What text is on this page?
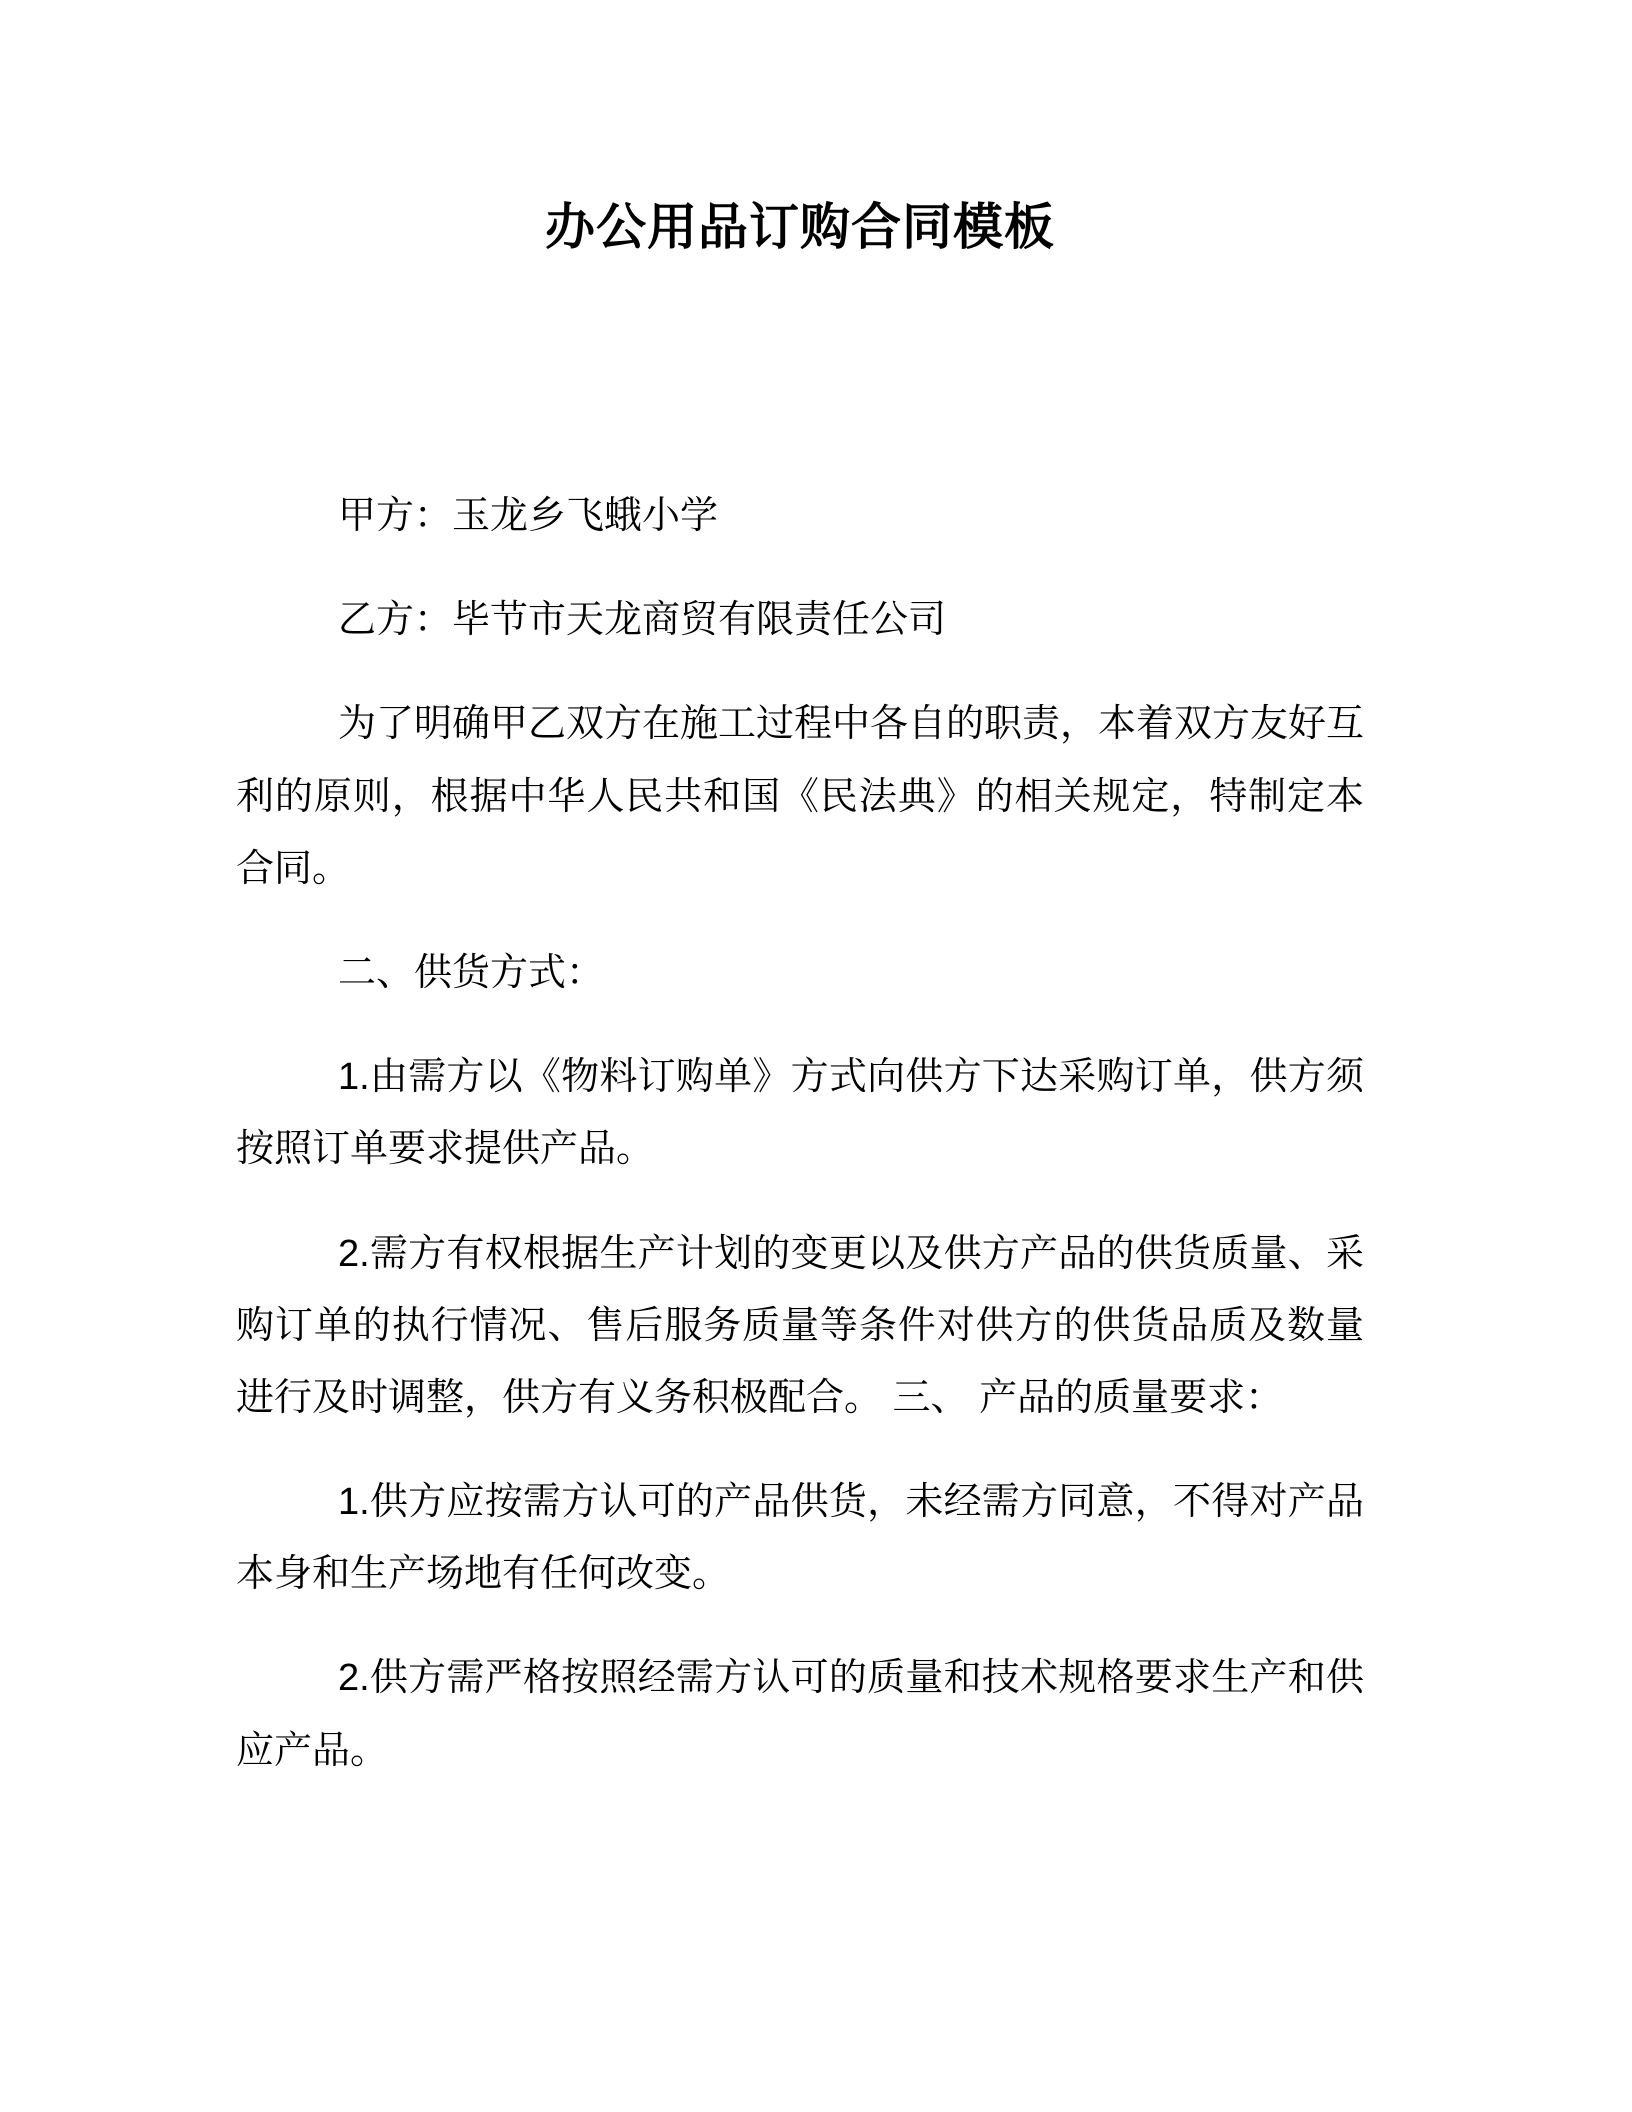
办公用品订购合同模板

甲方：玉龙乡飞蛾小学

乙方：毕节市天龙商贸有限责任公司

为了明确甲乙双方在施工过程中各自的职责，本着双方友好互利的原则，根据中华人民共和国《民法典》的相关规定，特制定本合同。

二、供货方式：

1.由需方以《物料订购单》方式向供方下达采购订单，供方须按照订单要求提供产品。

2.需方有权根据生产计划的变更以及供方产品的供货质量、采购订单的执行情况、售后服务质量等条件对供方的供货品质及数量进行及时调整，供方有义务积极配合。 三、 产品的质量要求：

1.供方应按需方认可的产品供货，未经需方同意，不得对产品本身和生产场地有任何改变。

2.供方需严格按照经需方认可的质量和技术规格要求生产和供应产品。
